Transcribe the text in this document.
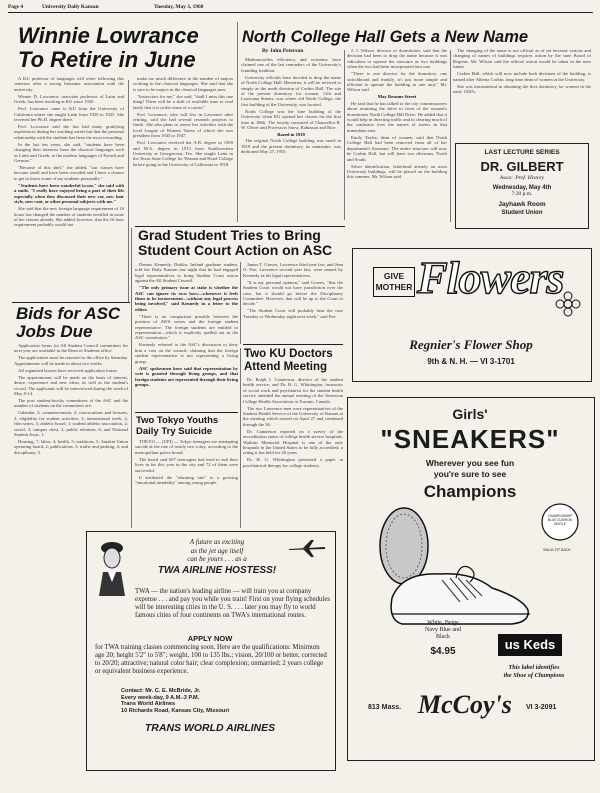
Page 4	University Daily Kansan	Tuesday, May 3, 1960
Winnie Lowrance To Retire in June

A KU professor of languages will retire following this semester after a strong literature association with the university.

Winnie D. Lowrance, associate professor of Latin and Greek, has been teaching at KU since 1920.

Prof. Lowrance came to KU from the University of California where she taught Latin from 1920 to 1925. She received her Ph.D. degree there.

Prof. Lowrance said she has had many gratifying experiences during her teaching career but that the personal relationship with the students has been the most rewarding.

In the last ten years, she said, "students have been changing their interests from the classical languages such as Latin and Greek, to the modern languages of French and German."

"Because of this shift," she added, "our classes have become small and have been crowded and I have a chance to get to know some of my students personally."

"Students have been wonderful to me," she said with a smile. "I really have enjoyed being a part of their life especially when they discussed their new car, new hair style, new coat, or other personal subjects with me."

She said that the new foreign language requirement of 16 hours has changed the number of students enrolled in some of her classes already. She added, however, that the 16 hour requirement probably would not

make too much difference in the number of majors working in the classical languages. She said that she is sure to be majors in the classical languages now.

"Instructors for me," she said, "shall I miss this one thing! There will be a shift of available time to read lately that it is in the sense of a career."

Prof. Lowrance, who will live in Lawrence after retiring, said she had several research projects to finish. She also plans to renew her activities with the local League of Women Voters of which she was president from 1945 to 1947.

Prof. Lowrance received her A.B. degree in 1909 and M.A. degree in 1913 from Southwestern University at Georgetown, Tex. She taught Latin in the Texas State College for Women and Hood College before going to the University of California in 1918.

North College Hall Gets a New Name
By John Peterson

Mademoiselles efficiency and economy have claimed one of the last reminders of the University's founding tradition.

University officials have decided to drop the name of North College Hall. Hereafter, it will be referred to simply as the north division of Corbin Hall. The site of the present dormitory for women, 11th and Louisiana Streets, was where old North College, the first building of the University, was located.

North College was the lone building of the University when KU opened her classes for the first time in 1866. The faculty consisted of Chancellor R. W. Oliver and Professors Snow, Robinson and Rice.

Razed in 1919

The original North College building was razed in 1919 and the present dormitory, its namesake, was dedicated May 27, 1955.

J. J. Wilson, director of dormitories, said that the decision had been to drop the name because it was ridiculous to operate the structure as two buildings when the two had been incorporated into one.

"There is one director for the dormitory, one switchboard and frankly, it's just more simple and efficient to operate the building as one unit," Mr. Wilson said.

May Resume Street

He said that he has talked to the city commissioners about resuming the drive in front of the women's dormitories North College Hill Drive. He added that it would help in directing traffic and in clearing much of the confusion over the names of streets in that immediate area.

Emily Taylor, dean of women, said that North College Hall had been removed from all of her department's literature. The entire structure will now be Corbin Hall, but will have two divisions, North and South.

Silver identification, letterhead already on most University buildings, will be placed on the building this summer, Mr. Wilson said.

The changing of the name is not official as of yet because various and changing of names of buildings requires action by the state Board of Regents. Mr. Wilson said the official action would be taken in the near future.

Corbin Hall, which will now include both divisions of the building, is named after Alberta Corbin, long time dean of women at the University.

She was instrumental in obtaining the first dormitory for women in the early 1920's.

LAST LECTURE SERIES
DR. GILBERT
Assoc. Prof. History
Wednesday, May 4th
7:30 p.m.
Jayhawk Room
Student Union
Grad Student Tries to Bring Student Court Action on ASC

Dennis Kennedy, Dublin, Ireland graduate student, told the Daily Kansan last night that he had engaged legal representatives to bring Student Court action against the All Student Council.

"The only primary issue at stake is whether the ASC can ignore its own laws—whenever it feels them to be inconvenient—without any legal process being involved," said Kennedy in a letter to the editor.

"There is no comparison possible between the position of AWS voters and the foreign student representative. The foreign students are entitled to representation—which is explicitly spelled out in the ASC constitution."

Kennedy referred to the ASC's discussion to deny him a vote on the council, claiming that the foreign student representative is not representing a living group.

ASC spokesmen have said that representation by vote is granted through living groups, and that foreign students are represented through their living groups.

James T. Graves, Lawrence third year law, and Jean O. Poe, Lawrence second year law, were named by Kennedy as his legal representatives.

"It is my personal opinion," said Graves, "that the Student Court would not have jurisdiction over the case, but it should go before the Disciplinary Committee. However, that will be up to the Court to decide."

"The Student Court will probably hear the case Tuesday or Wednesday night next week," said Poe.

Bids for ASC Jobs Due

Application forms for All Student Council committees for next year are available in the Dean of Students office.

The applications must be returned to the office by Saturday. Appointments will be made in about two weeks.

All organized houses have received application forms.

The appointments will be made on the basis of interest, desire, experience and new ideas, as well as the student's record. The applicants will be interviewed during the week of May 8-14.

The post student-faculty committees of the ASC and the number of students on the committees are:

Calendar, 2; commencement, 2; convocations and lectures, 3; eligibility for student activities, 3; international week, 2; film series, 3; athletic board, 1; student athletic association, 2; social, 3; campus chest, 2; public relations, 6; and National Student Assn., 1.

Housing, 7; labor, 4; health, 5; traditions, 5; Student Union operating board, 2; publications, 5; traffic and parking, 4; and disciplinary, 3.

Two Tokyo Youths Daily Try Suicide

TOKYO — (UPI) — Tokyo teenagers are attempting suicide at the rate of nearly two a day, according to the metropolitan police board.

The board said 697 teen-agers had tried to end their lives in far this year in the city and 72 of them were successful.

It attributed the "alarming rate" to a growing "emotional instability" among young people.

Two KU Doctors Attend Meeting

Dr. Ralph I. Canuteson, director of the student health service, and Dr. H. G. Whittington, instructor of social work and psychiatrist for the student health service attended the annual meeting of the American College Health Association in Toronto, Canada.

The two Lawrence men were representatives of the Student Health Service of the University of Kansas at the meeting which started on April 27 and continued through the 30.

Dr. Canuteson reported on a survey of the accreditation status of college health service hospitals. Watkins Memorial Hospital is one of the only hospitals in the United States to be fully accredited, a rating it has held for 20 years.

Dr. H. G. Whittington presented a paper in psychiatrical therapy for college students.

GIVE
MOTHER Flowers
Regnier's Flower Shop
9th & N. H. — VI 3-1701
A future as exciting
as the jet age itself
can be yours . . . as a
TWA AIRLINE HOSTESS!
TWA — the nation's leading airline — will train you at company expense . . . and pay you while you train! First on your flying schedules will be interesting cities in the U. S. . . . later you may fly to world famous cities of four continents on TWA's international routes.
APPLY NOW
for TWA training classes commencing soon. Here are the qualifications: Minimum age 20; height 5'2" to 5'8"; weight, 100 to 135 lbs.; vision, 20/100 or better, corrected to 20/20; attractive; natural color hair; clear complexion; unmarried; 2 years college or equivalent business experience.
Contact: Mr. C. E. McBride, Jr.
Every week-day, 9 A.M.-3 P.M.
Trans World Airlines
10 Richards Road, Kansas City, Missouri
TRANS WORLD AIRLINES
Girls'
"SNEAKERS"
Wherever you see fun
you're sure to see
Champions
CHAMPIONSHIP BLUE CUSHION INSOLE
SNUG-FIT BACK
White, Beige
Navy Blue and
Black
$4.95	us Keds
This label identifies
the Shoe of Champions
813 Mass. McCoy's VI 3-2091
